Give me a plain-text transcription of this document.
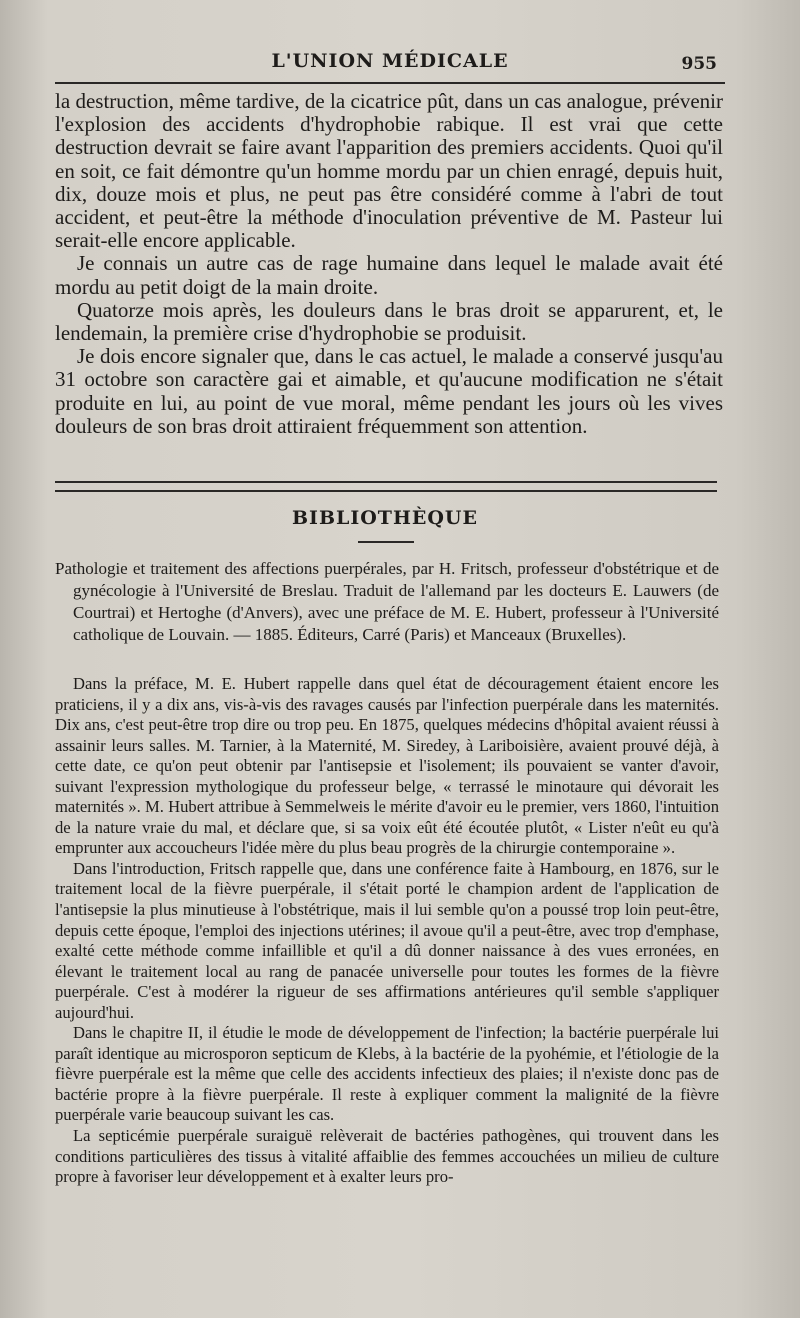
L'UNION MÉDICALE	955

la destruction, même tardive, de la cicatrice pût, dans un cas analogue, prévenir l'explosion des accidents d'hydrophobie rabique. Il est vrai que cette destruction devrait se faire avant l'apparition des premiers accidents. Quoi qu'il en soit, ce fait démontre qu'un homme mordu par un chien enragé, depuis huit, dix, douze mois et plus, ne peut pas être considéré comme à l'abri de tout accident, et peut-être la méthode d'inoculation préventive de M. Pasteur lui serait-elle encore applicable.

Je connais un autre cas de rage humaine dans lequel le malade avait été mordu au petit doigt de la main droite.

Quatorze mois après, les douleurs dans le bras droit se apparurent, et, le lendemain, la première crise d'hydrophobie se produisit.

Je dois encore signaler que, dans le cas actuel, le malade a conservé jusqu'au 31 octobre son caractère gai et aimable, et qu'aucune modification ne s'était produite en lui, au point de vue moral, même pendant les jours où les vives douleurs de son bras droit attiraient fréquemment son attention.

BIBLIOTHÈQUE

Pathologie et traitement des affections puerpérales, par H. Fritsch, professeur d'obstétrique et de gynécologie à l'Université de Breslau. Traduit de l'allemand par les docteurs E. Lauwers (de Courtrai) et Hertoghe (d'Anvers), avec une préface de M. E. Hubert, professeur à l'Université catholique de Louvain. — 1885. Éditeurs, Carré (Paris) et Manceaux (Bruxelles).

Dans la préface, M. E. Hubert rappelle dans quel état de découragement étaient encore les praticiens, il y a dix ans, vis-à-vis des ravages causés par l'infection puerpérale dans les maternités. Dix ans, c'est peut-être trop dire ou trop peu. En 1875, quelques médecins d'hôpital avaient réussi à assainir leurs salles. M. Tarnier, à la Maternité, M. Siredey, à Lariboisière, avaient prouvé déjà, à cette date, ce qu'on peut obtenir par l'antisepsie et l'isolement; ils pouvaient se vanter d'avoir, suivant l'expression mythologique du professeur belge, « terrassé le minotaure qui dévorait les maternités ». M. Hubert attribue à Semmelweis le mérite d'avoir eu le premier, vers 1860, l'intuition de la nature vraie du mal, et déclare que, si sa voix eût été écoutée plutôt, « Lister n'eût eu qu'à emprunter aux accoucheurs l'idée mère du plus beau progrès de la chirurgie contemporaine ».

Dans l'introduction, Fritsch rappelle que, dans une conférence faite à Hambourg, en 1876, sur le traitement local de la fièvre puerpérale, il s'était porté le champion ardent de l'application de l'antisepsie la plus minutieuse à l'obstétrique, mais il lui semble qu'on a poussé trop loin peut-être, depuis cette époque, l'emploi des injections utérines; il avoue qu'il a peut-être, avec trop d'emphase, exalté cette méthode comme infaillible et qu'il a dû donner naissance à des vues erronées, en élevant le traitement local au rang de panacée universelle pour toutes les formes de la fièvre puerpérale. C'est à modérer la rigueur de ses affirmations antérieures qu'il semble s'appliquer aujourd'hui.

Dans le chapitre II, il étudie le mode de développement de l'infection; la bactérie puerpérale lui paraît identique au microsporon septicum de Klebs, à la bactérie de la pyohémie, et l'étiologie de la fièvre puerpérale est la même que celle des accidents infectieux des plaies; il n'existe donc pas de bactérie propre à la fièvre puerpérale. Il reste à expliquer comment la malignité de la fièvre puerpérale varie beaucoup suivant les cas.

La septicémie puerpérale suraiguë relèverait de bactéries pathogènes, qui trouvent dans les conditions particulières des tissus à vitalité affaiblie des femmes accouchées un milieu de culture propre à favoriser leur développement et à exalter leurs pro-
